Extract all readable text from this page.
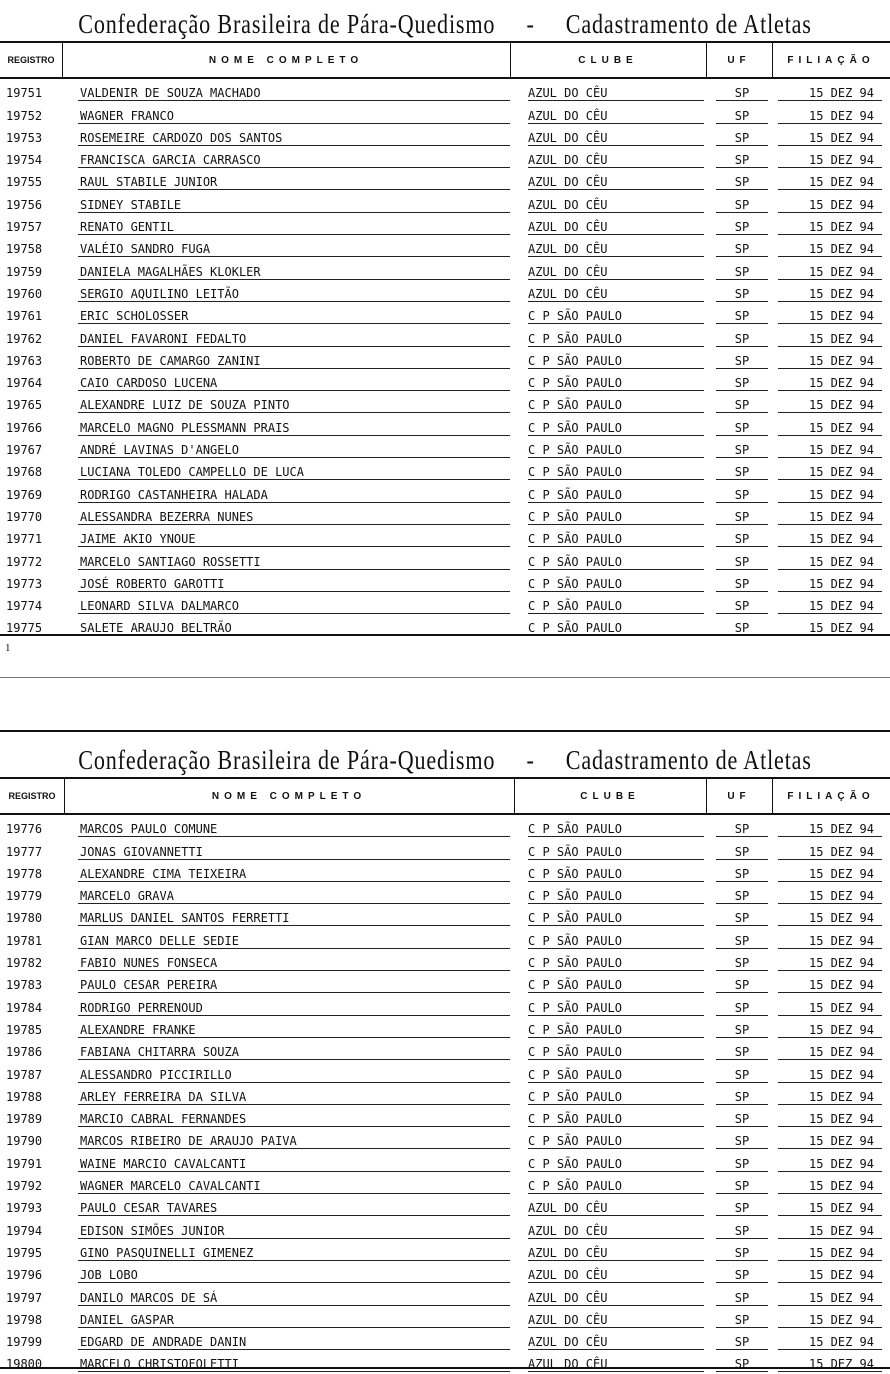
Confederação Brasileira de Pára-Quedismo - Cadastramento de Atletas
REGISTRO	NOME COMPLETO	CLUBE	UF	FILIAÇÃO
19751	VALDENIR DE SOUZA MACHADO	AZUL DO CÊU	SP	15 DEZ 94
19752	WAGNER FRANCO	AZUL DO CÊU	SP	15 DEZ 94
19753	ROSEMEIRE CARDOZO DOS SANTOS	AZUL DO CÊU	SP	15 DEZ 94
19754	FRANCISCA GARCIA CARRASCO	AZUL DO CÊU	SP	15 DEZ 94
19755	RAUL STABILE JUNIOR	AZUL DO CÊU	SP	15 DEZ 94
19756	SIDNEY STABILE	AZUL DO CÊU	SP	15 DEZ 94
19757	RENATO GENTIL	AZUL DO CÊU	SP	15 DEZ 94
19758	VALÉIO SANDRO FUGA	AZUL DO CÊU	SP	15 DEZ 94
19759	DANIELA MAGALHÃES KLOKLER	AZUL DO CÊU	SP	15 DEZ 94
19760	SERGIO AQUILINO LEITÃO	AZUL DO CÊU	SP	15 DEZ 94
19761	ERIC SCHOLOSSER	C P SÃO PAULO	SP	15 DEZ 94
19762	DANIEL FAVARONI FEDALTO	C P SÃO PAULO	SP	15 DEZ 94
19763	ROBERTO DE CAMARGO ZANINI	C P SÃO PAULO	SP	15 DEZ 94
19764	CAIO CARDOSO LUCENA	C P SÃO PAULO	SP	15 DEZ 94
19765	ALEXANDRE LUIZ DE SOUZA PINTO	C P SÃO PAULO	SP	15 DEZ 94
19766	MARCELO MAGNO PLESSMANN PRAIS	C P SÃO PAULO	SP	15 DEZ 94
19767	ANDRÉ LAVINAS D'ANGELO	C P SÃO PAULO	SP	15 DEZ 94
19768	LUCIANA TOLEDO CAMPELLO DE LUCA	C P SÃO PAULO	SP	15 DEZ 94
19769	RODRIGO CASTANHEIRA HALADA	C P SÃO PAULO	SP	15 DEZ 94
19770	ALESSANDRA BEZERRA NUNES	C P SÃO PAULO	SP	15 DEZ 94
19771	JAIME AKIO YNOUE	C P SÃO PAULO	SP	15 DEZ 94
19772	MARCELO SANTIAGO ROSSETTI	C P SÃO PAULO	SP	15 DEZ 94
19773	JOSÉ ROBERTO GAROTTI	C P SÃO PAULO	SP	15 DEZ 94
19774	LEONARD SILVA DALMARCO	C P SÃO PAULO	SP	15 DEZ 94
19775	SALETE ARAUJO BELTRÃO	C P SÃO PAULO	SP	15 DEZ 94
1
Confederação Brasileira de Pára-Quedismo - Cadastramento de Atletas
REGISTRO	NOME COMPLETO	CLUBE	UF	FILIAÇÃO
19776	MARCOS PAULO COMUNE	C P SÃO PAULO	SP	15 DEZ 94
19777	JONAS GIOVANNETTI	C P SÃO PAULO	SP	15 DEZ 94
19778	ALEXANDRE CIMA TEIXEIRA	C P SÃO PAULO	SP	15 DEZ 94
19779	MARCELO GRAVA	C P SÃO PAULO	SP	15 DEZ 94
19780	MARLUS DANIEL SANTOS FERRETTI	C P SÃO PAULO	SP	15 DEZ 94
19781	GIAN MARCO DELLE SEDIE	C P SÃO PAULO	SP	15 DEZ 94
19782	FABIO NUNES FONSECA	C P SÃO PAULO	SP	15 DEZ 94
19783	PAULO CESAR PEREIRA	C P SÃO PAULO	SP	15 DEZ 94
19784	RODRIGO PERRENOUD	C P SÃO PAULO	SP	15 DEZ 94
19785	ALEXANDRE FRANKE	C P SÃO PAULO	SP	15 DEZ 94
19786	FABIANA CHITARRA SOUZA	C P SÃO PAULO	SP	15 DEZ 94
19787	ALESSANDRO PICCIRILLO	C P SÃO PAULO	SP	15 DEZ 94
19788	ARLEY FERREIRA DA SILVA	C P SÃO PAULO	SP	15 DEZ 94
19789	MARCIO CABRAL FERNANDES	C P SÃO PAULO	SP	15 DEZ 94
19790	MARCOS RIBEIRO DE ARAUJO PAIVA	C P SÃO PAULO	SP	15 DEZ 94
19791	WAINE MARCIO CAVALCANTI	C P SÃO PAULO	SP	15 DEZ 94
19792	WAGNER MARCELO CAVALCANTI	C P SÃO PAULO	SP	15 DEZ 94
19793	PAULO CESAR TAVARES	AZUL DO CÊU	SP	15 DEZ 94
19794	EDISON SIMÕES JUNIOR	AZUL DO CÊU	SP	15 DEZ 94
19795	GINO PASQUINELLI GIMENEZ	AZUL DO CÊU	SP	15 DEZ 94
19796	JOB LOBO	AZUL DO CÊU	SP	15 DEZ 94
19797	DANILO MARCOS DE SÁ	AZUL DO CÊU	SP	15 DEZ 94
19798	DANIEL GASPAR	AZUL DO CÊU	SP	15 DEZ 94
19799	EDGARD DE ANDRADE DANIN	AZUL DO CÊU	SP	15 DEZ 94
19800	MARCELO CHRISTOFOLETTI	AZUL DO CÊU	SP	15 DEZ 94
